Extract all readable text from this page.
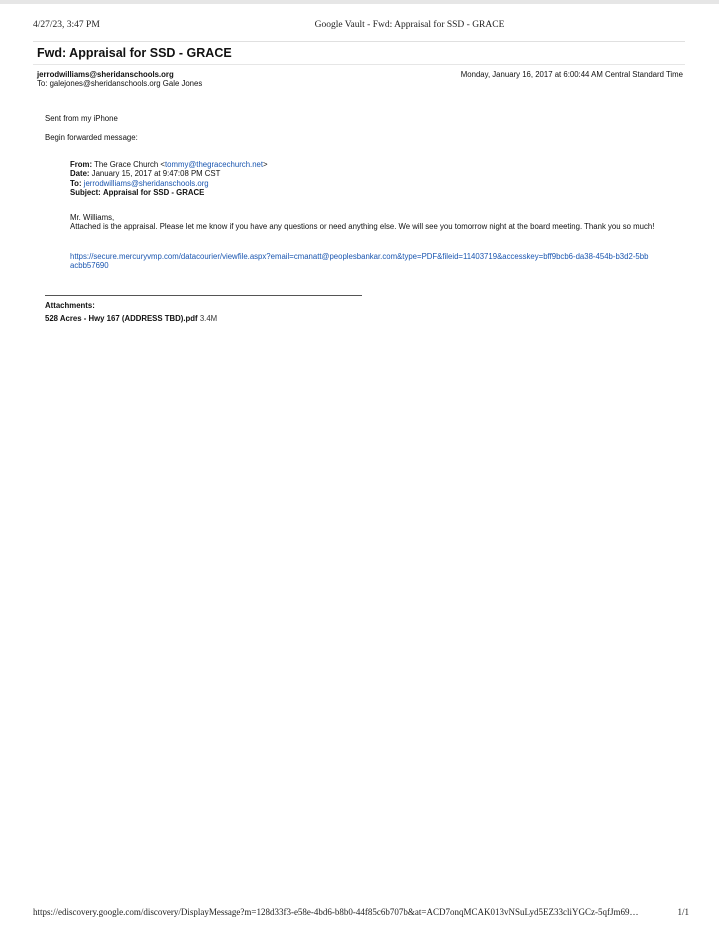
4/27/23, 3:47 PM	Google Vault - Fwd: Appraisal for SSD - GRACE
Fwd: Appraisal for SSD - GRACE
jerrodwilliams@sheridanschools.org
To: galejones@sheridanschools.org Gale Jones
Monday, January 16, 2017 at 6:00:44 AM Central Standard Time
Sent from my iPhone
Begin forwarded message:
From: The Grace Church <tommy@thegracechurch.net>
Date: January 15, 2017 at 9:47:08 PM CST
To: jerrodwilliams@sheridanschools.org
Subject: Appraisal for SSD - GRACE
Mr. Williams,
Attached is the appraisal. Please let me know if you have any questions or need anything else. We will see you tomorrow night at the board meeting. Thank you so much!
https://secure.mercuryvmp.com/datacourier/viewfile.aspx?email=cmanatt@peoplesbankar.com&type=PDF&fileid=11403719&accesskey=bff9bcb6-da38-454b-b3d2-5bbacbb57690
Attachments:
528 Acres - Hwy 167 (ADDRESS TBD).pdf 3.4M
https://ediscovery.google.com/discovery/DisplayMessage?m=128d33f3-e58e-4bd6-b8b0-44f85c6b707b&at=ACD7onqMCAK013vNSuLyd5EZ33cliYGCz-5qfJm69…	1/1
